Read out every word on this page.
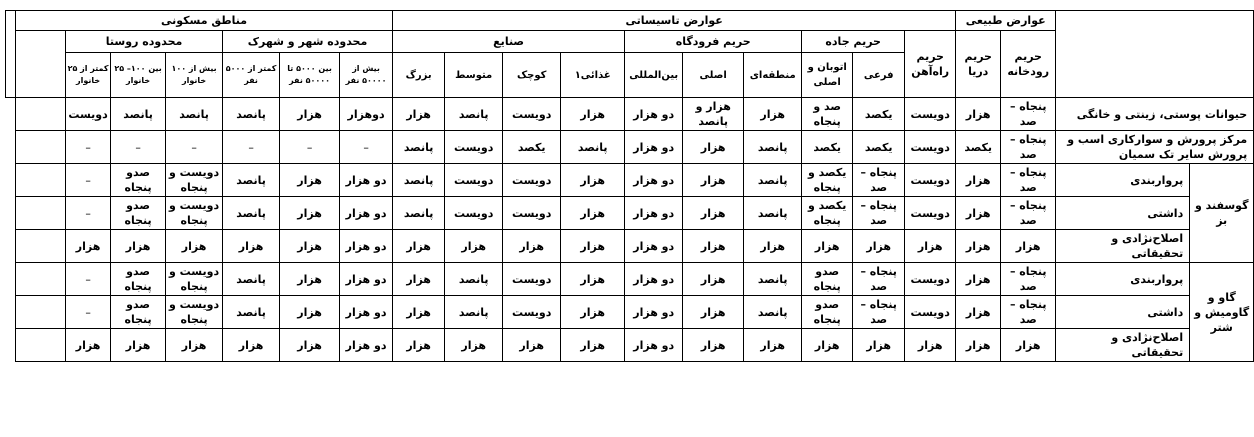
		عوارض طبیعی		عوارض تاسیساتی										مناطق مسکونی							
		حریم رودخانه	حریم دریا	حریم راه‌آهن	حریم جاده		حریم فرودگاه			صنایع				محدوده شهر و شهرک			محدوده روستا				
					فرعی	اتوبان و اصلی	منطقه‌ای	اصلی	بین‌المللی	غذائی۱	کوچک	متوسط	بزرگ	بیش از ۵۰۰۰۰ نفر	بین ۵۰۰۰ تا ۵۰۰۰۰ نفر	کمتر از ۵۰۰۰ نفر	بیش از ۱۰۰ خانوار	بین ۱۰۰– ۲۵ خانوار	کمتر از ۲۵ خانوار		
حیوانات پوستی، زینتی و خانگی		پنجاه – صد	هزار	دویست	یکصد	صد و پنجاه	هزار	هزار و پانصد	دو هزار	هزار	دویست	پانصد	هزار	دوهزار	هزار	پانصد	پانصد	پانصد	دویست		
مرکز پرورش و سوارکاری اسب و پرورش سایر تک سمیان		پنجاه – صد	یکصد	دویست	یکصد	یکصد	پانصد	هزار	دو هزار	پانصد	یکصد	دویست	پانصد	–	–	–	–	–	–		
گوسفند و بز	پرواربندی	پنجاه – صد	هزار	دویست	پنجاه – صد	یکصد و پنجاه	پانصد	هزار	دو هزار	هزار	دویست	دویست	پانصد	دو هزار	هزار	پانصد	دویست و پنجاه	صدو پنجاه	–		
	داشتی	پنجاه – صد	هزار	دویست	پنجاه – صد	یکصد و پنجاه	پانصد	هزار	دو هزار	هزار	دویست	دویست	پانصد	دو هزار	هزار	پانصد	دویست و پنجاه	صدو پنجاه	–		
	اصلاح‌نژادی و تحقیقاتی	هزار	هزار	هزار	هزار	هزار	هزار	هزار	دو هزار	هزار	هزار	هزار	هزار	دو هزار	هزار	هزار	هزار	هزار	هزار		
گاو و گاومیش و شتر	پرواربندی	پنجاه – صد	هزار	دویست	پنجاه – صد	صدو پنجاه	پانصد	هزار	دو هزار	هزار	دویست	پانصد	هزار	دو هزار	هزار	پانصد	دویست و پنجاه	صدو پنجاه	–		
	داشتی	پنجاه – صد	هزار	دویست	پنجاه – صد	صدو پنجاه	پانصد	هزار	دو هزار	هزار	دویست	پانصد	هزار	دو هزار	هزار	پانصد	دویست و پنجاه	صدو پنجاه	–		
	اصلاح‌نژادی و تحقیقاتی	هزار	هزار	هزار	هزار	هزار	هزار	هزار	دو هزار	هزار	هزار	هزار	هزار	دو هزار	هزار	هزار	هزار	هزار	هزار		
